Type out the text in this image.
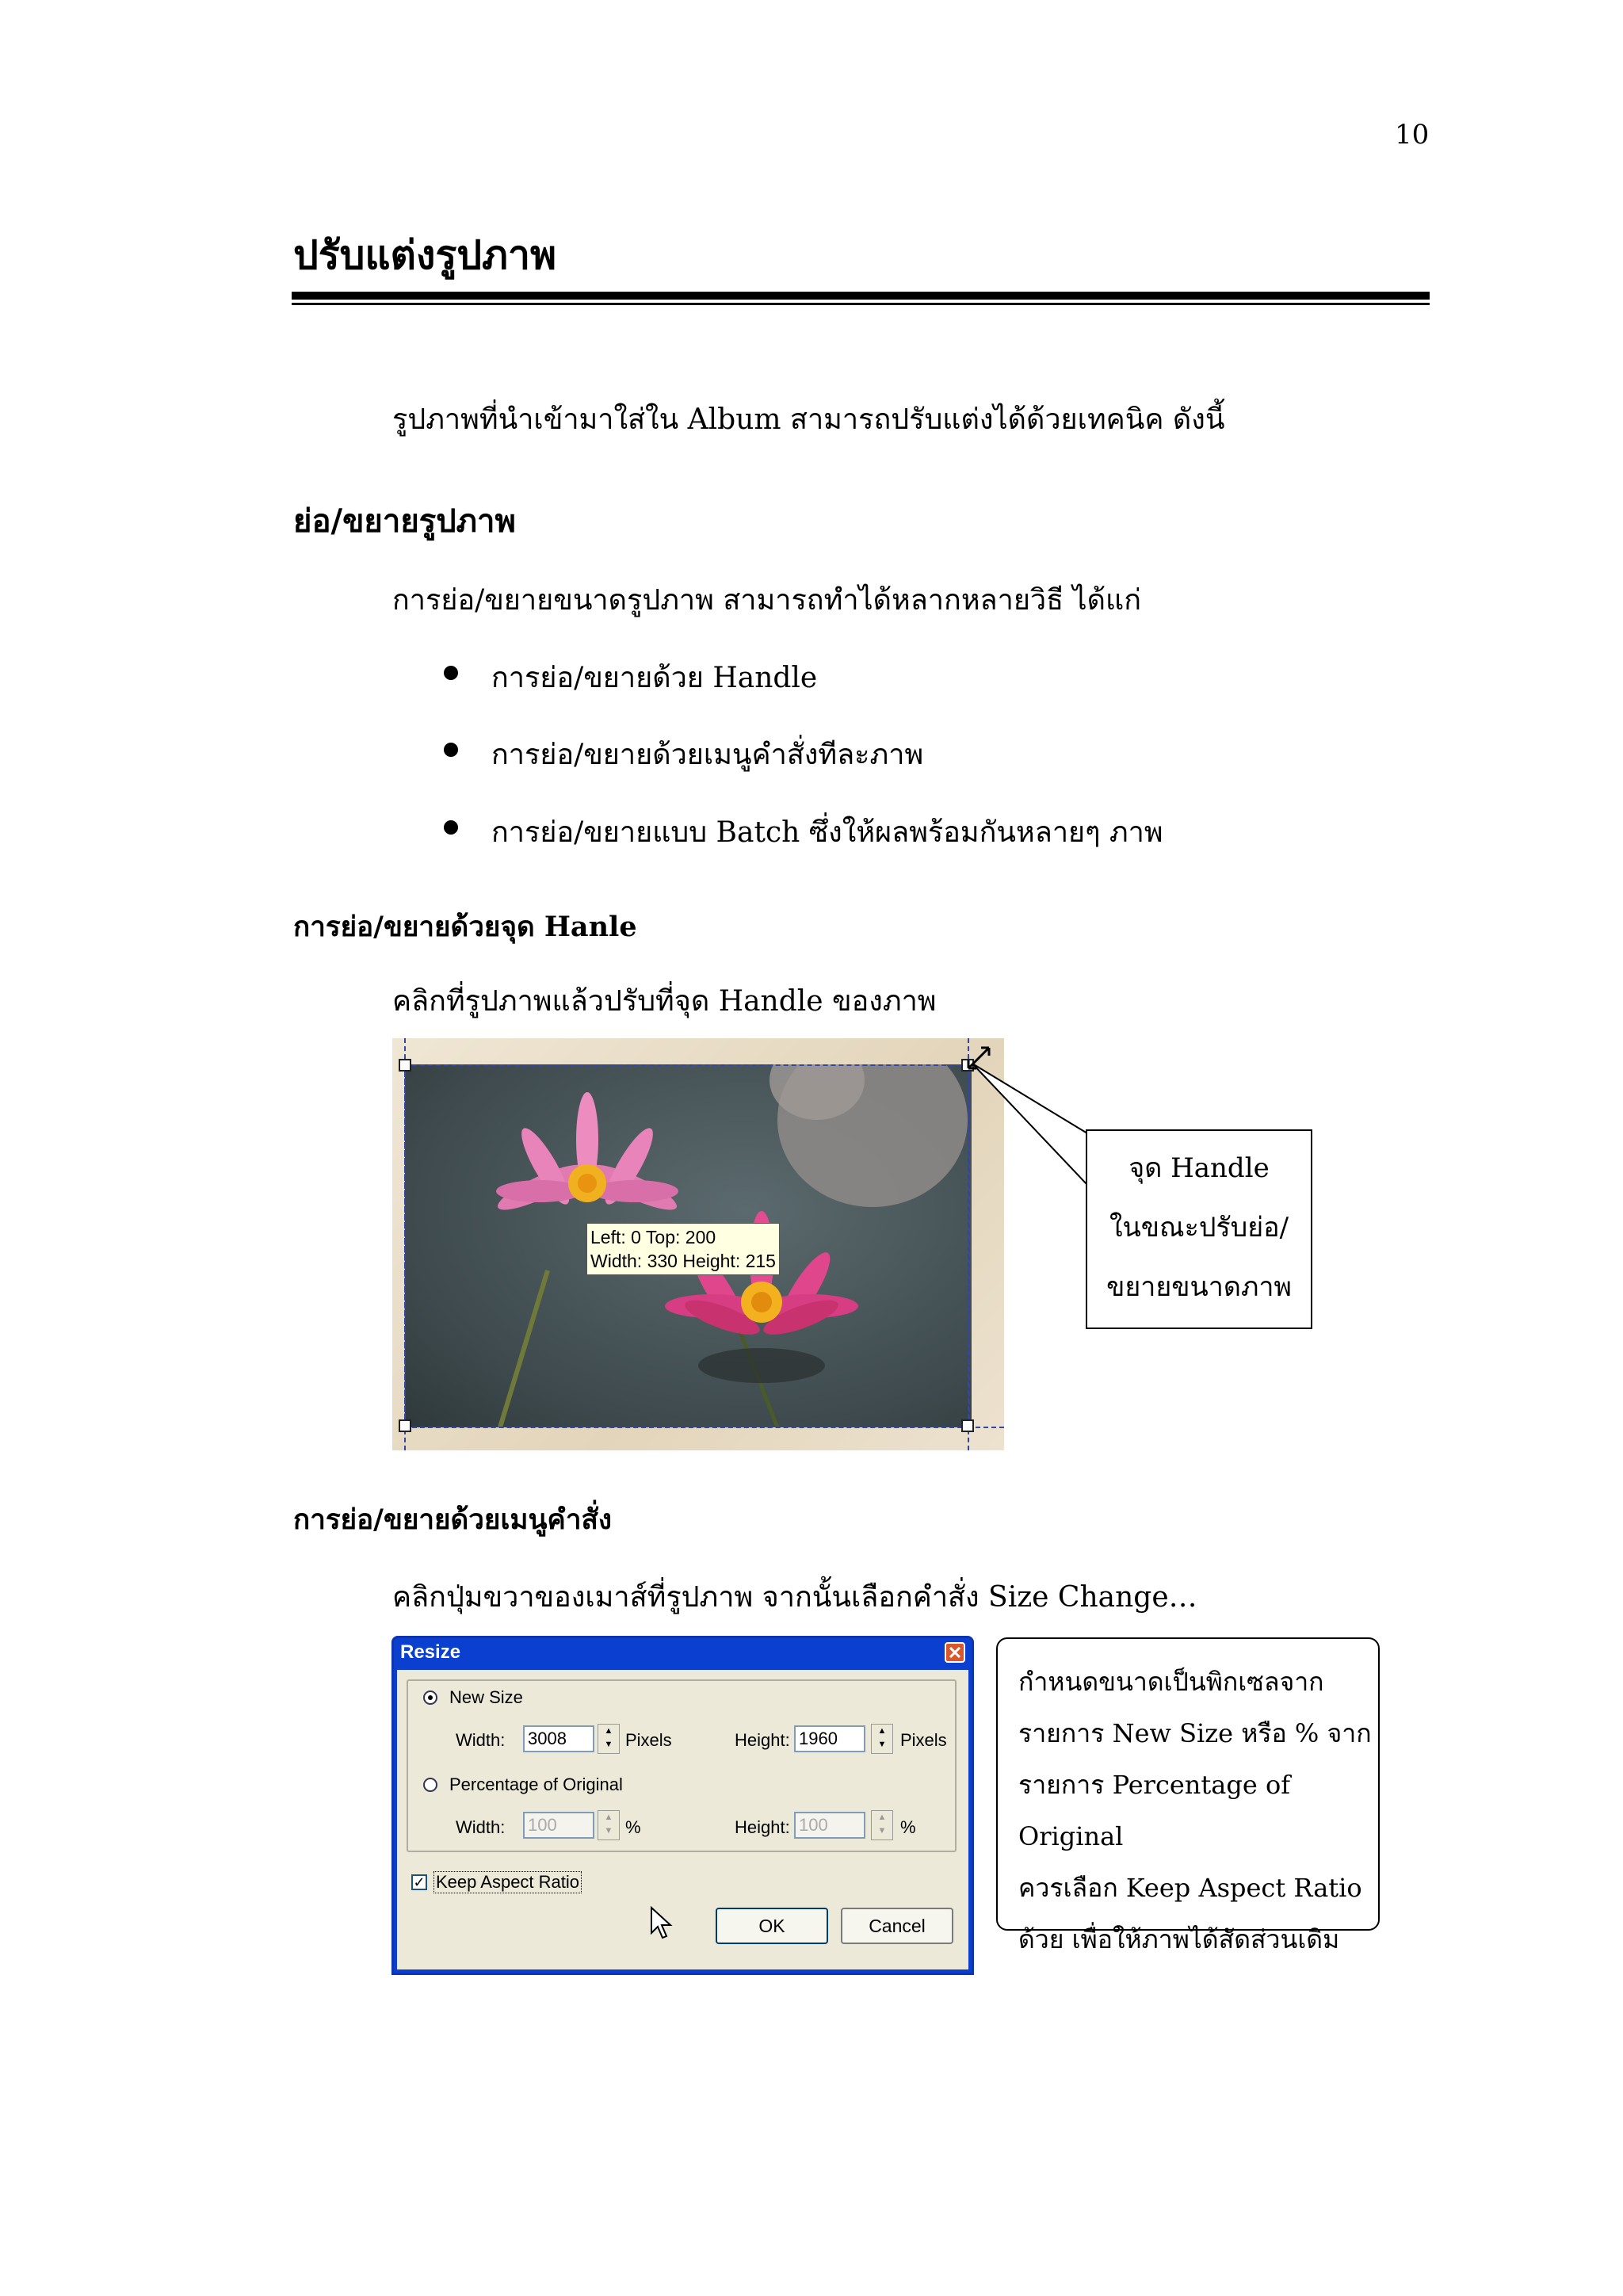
10
ปรับแต่งรูปภาพ
รูปภาพที่นำเข้ามาใส่ใน Album สามารถปรับแต่งได้ด้วยเทคนิค ดังนี้
ย่อ/ขยายรูปภาพ
การย่อ/ขยายขนาดรูปภาพ สามารถทำได้หลากหลายวิธี ได้แก่
การย่อ/ขยายด้วย Handle
การย่อ/ขยายด้วยเมนูคำสั่งทีละภาพ
การย่อ/ขยายแบบ Batch ซึ่งให้ผลพร้อมกันหลายๆ ภาพ
การย่อ/ขยายด้วยจุด Hanle
คลิกที่รูปภาพแล้วปรับที่จุด Handle ของภาพ
Left: 0 Top: 200
Width: 330 Height: 215
จุด Handle
ในขณะปรับย่อ/
ขยายขนาดภาพ
การย่อ/ขยายด้วยเมนูคำสั่ง
คลิกปุ่มขวาของเมาส์ที่รูปภาพ จากนั้นเลือกคำสั่ง Size Change…
Resize	✕
New Size
Width: 3008	▲
▼ Pixels	Height: 1960	▲
▼ Pixels
Percentage of Original
Width: 100	▲
▼ %	Height: 100	▲
▼ %
✓ Keep Aspect Ratio
OK	Cancel
กำหนดขนาดเป็นพิกเซลจาก
รายการ New Size หรือ % จาก
รายการ Percentage of Original
ควรเลือก Keep Aspect Ratio
ด้วย เพื่อให้ภาพได้สัดส่วนเดิม
